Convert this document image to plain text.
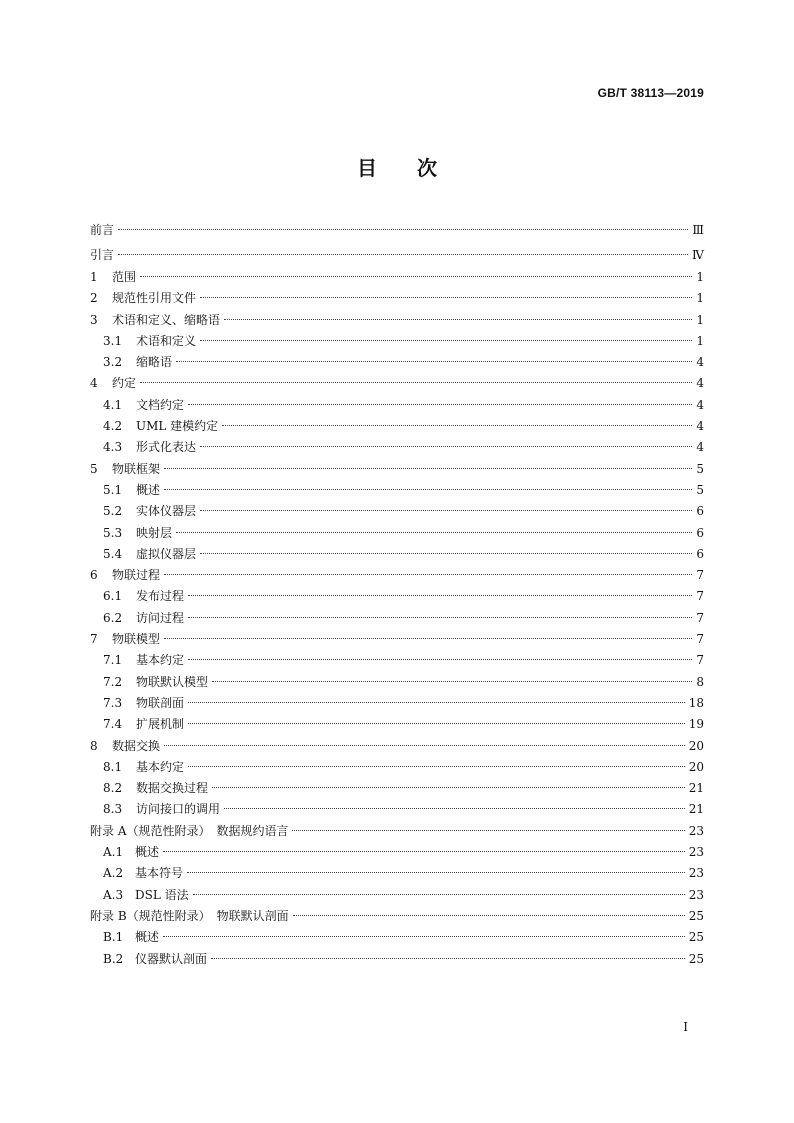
GB/T 38113—2019
目　　次
前言	Ⅲ
引言	Ⅳ
1	范围	1
2	规范性引用文件	1
3	术语和定义、缩略语	1
3.1	术语和定义	1
3.2	缩略语	4
4	约定	4
4.1	文档约定	4
4.2	UML 建模约定	4
4.3	形式化表达	4
5	物联框架	5
5.1	概述	5
5.2	实体仪器层	6
5.3	映射层	6
5.4	虚拟仪器层	6
6	物联过程	7
6.1	发布过程	7
6.2	访问过程	7
7	物联模型	7
7.1	基本约定	7
7.2	物联默认模型	8
7.3	物联剖面	18
7.4	扩展机制	19
8	数据交换	20
8.1	基本约定	20
8.2	数据交换过程	21
8.3	访问接口的调用	21
附录 A（规范性附录）　数据规约语言	23
A.1 概述	23
A.2 基本符号	23
A.3 DSL 语法	23
附录 B（规范性附录）　物联默认剖面	25
B.1 概述	25
B.2 仪器默认剖面	25
Ⅰ
